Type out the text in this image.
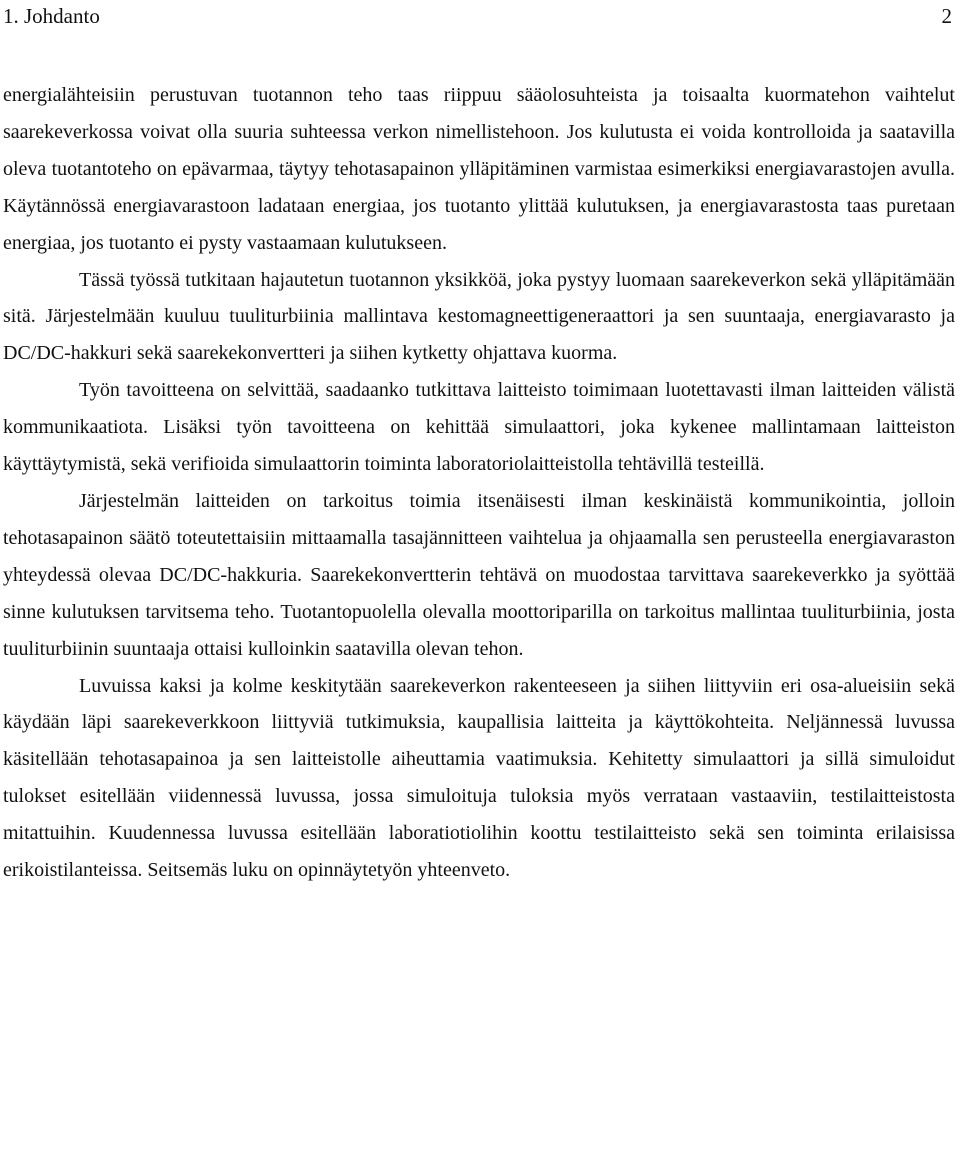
1. Johdanto	2

energialähteisiin perustuvan tuotannon teho taas riippuu sääolosuhteista ja toisaalta kuormatehon vaihtelut saarekeverkossa voivat olla suuria suhteessa verkon nimellistehoon. Jos kulutusta ei voida kontrolloida ja saatavilla oleva tuotantoteho on epävarmaa, täytyy tehotasapainon ylläpitäminen varmistaa esimerkiksi energiavarastojen avulla. Käytännössä energiavarastoon ladataan energiaa, jos tuotanto ylittää kulutuksen, ja energiavarastosta taas puretaan energiaa, jos tuotanto ei pysty vastaamaan kulutukseen.

Tässä työssä tutkitaan hajautetun tuotannon yksikköä, joka pystyy luomaan saarekeverkon sekä ylläpitämään sitä. Järjestelmään kuuluu tuuliturbiinia mallintava kestomagneettigeneraattori ja sen suuntaaja, energiavarasto ja DC/DC-hakkuri sekä saarekekonvertteri ja siihen kytketty ohjattava kuorma.

Työn tavoitteena on selvittää, saadaanko tutkittava laitteisto toimimaan luotettavasti ilman laitteiden välistä kommunikaatiota. Lisäksi työn tavoitteena on kehittää simulaattori, joka kykenee mallintamaan laitteiston käyttäytymistä, sekä verifioida simulaattorin toiminta laboratoriolaitteistolla tehtävillä testeillä.

Järjestelmän laitteiden on tarkoitus toimia itsenäisesti ilman keskinäistä kommunikointia, jolloin tehotasapainon säätö toteutettaisiin mittaamalla tasajännitteen vaihtelua ja ohjaamalla sen perusteella energiavaraston yhteydessä olevaa DC/DC-hakkuria. Saarekekonvertterin tehtävä on muodostaa tarvittava saarekeverkko ja syöttää sinne kulutuksen tarvitsema teho. Tuotantopuolella olevalla moottoriparilla on tarkoitus mallintaa tuuliturbiinia, josta tuuliturbiinin suuntaaja ottaisi kulloinkin saatavilla olevan tehon.

Luvuissa kaksi ja kolme keskitytään saarekeverkon rakenteeseen ja siihen liittyviin eri osa-alueisiin sekä käydään läpi saarekeverkkoon liittyviä tutkimuksia, kaupallisia laitteita ja käyttökohteita. Neljännessä luvussa käsitellään tehotasapainoa ja sen laitteistolle aiheuttamia vaatimuksia. Kehitetty simulaattori ja sillä simuloidut tulokset esitellään viidennessä luvussa, jossa simuloituja tuloksia myös verrataan vastaaviin, testilaitteistosta mitattuihin. Kuudennessa luvussa esitellään laboratiotiolihin koottu testilaitteisto sekä sen toiminta erilaisissa erikoistilanteissa. Seitsemäs luku on opinnäytetyön yhteenveto.
